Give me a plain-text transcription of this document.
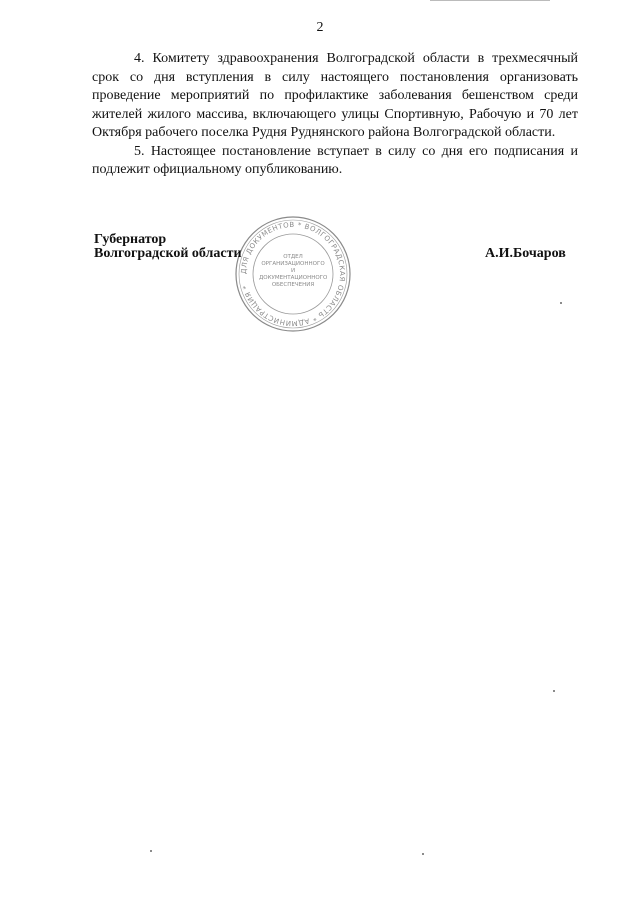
2

4. Комитету здравоохранения Волгоградской области в трехмесячный срок со дня вступления в силу настоящего постановления организовать проведение мероприятий по профилактике заболевания бешенством среди жителей жилого массива, включающего улицы Спортивную, Рабочую и 70 лет Октября рабочего поселка Рудня Руднянского района Волгоградской области.

5. Настоящее постановление вступает в силу со дня его подписания и подлежит официальному опубликованию.

ДЛЯ ДОКУМЕНТОВ * ВОЛГОГРАДСКАЯ ОБЛАСТЬ * АДМИНИСТРАЦИЯ *
ОТДЕЛ ОРГАНИЗАЦИОННОГО И ДОКУМЕНТАЦИОННОГО ОБЕСПЕЧЕНИЯ
Губернатор
Волгоградской области	А.И.Бочаров
